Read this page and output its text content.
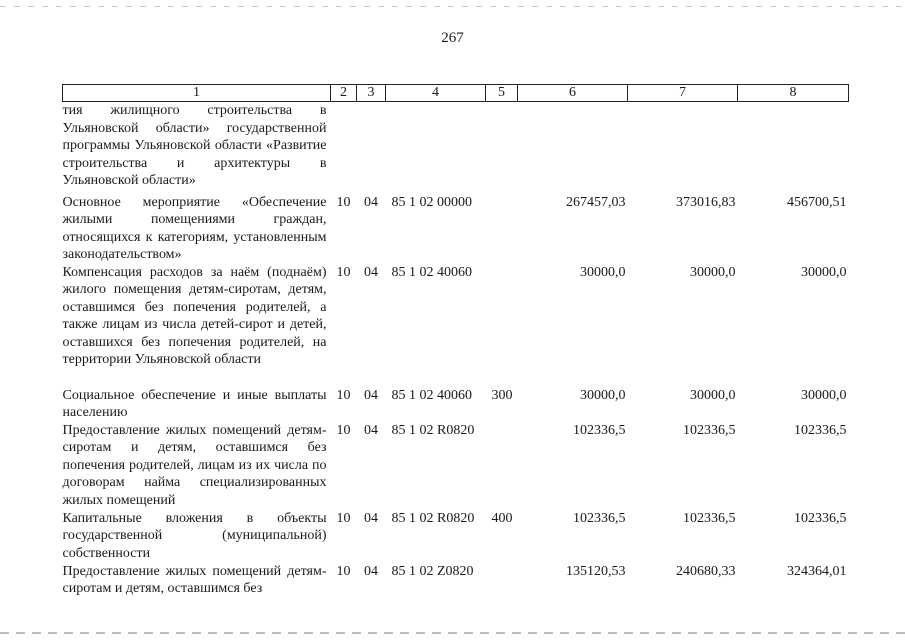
267
1	2	3	4	5	6	7	8
тия жилищного строительства в Ульяновской области» государственной программы Ульяновской области «Развитие строительства и архитектуры в Ульяновской области»							
Основное мероприятие «Обеспечение жилыми помещениями граждан, относящихся к категориям, установленным законодательством»	10	04	85 1 02 00000		267457,03	373016,83	456700,51
Компенсация расходов за наём (поднаём) жилого помещения детям-сиротам, детям, оставшимся без попечения родителей, а также лицам из числа детей-сирот и детей, оставшихся без попечения родителей, на территории Ульяновской области	10	04	85 1 02 40060		30000,0	30000,0	30000,0
Социальное обеспечение и иные выплаты населению	10	04	85 1 02 40060	300	30000,0	30000,0	30000,0
Предоставление жилых помещений детям-сиротам и детям, оставшимся без попечения родителей, лицам из их числа по договорам найма специализированных жилых помещений	10	04	85 1 02 R0820		102336,5	102336,5	102336,5
Капитальные вложения в объекты государственной (муниципальной) собственности	10	04	85 1 02 R0820	400	102336,5	102336,5	102336,5
Предоставление жилых помещений детям-сиротам и детям, оставшимся без	10	04	85 1 02 Z0820		135120,53	240680,33	324364,01
